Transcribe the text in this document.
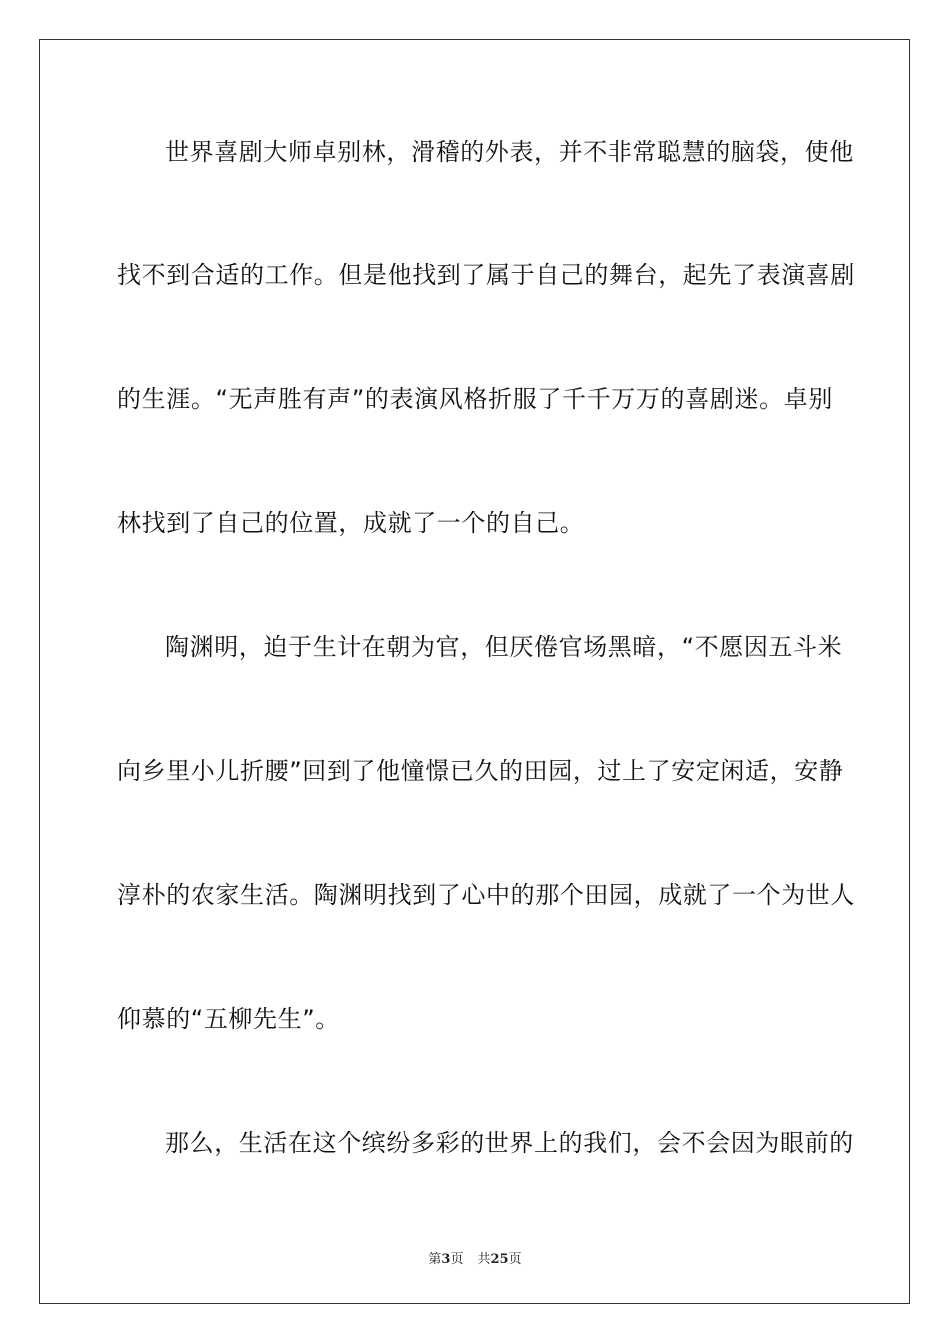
世界喜剧大师卓别林，滑稽的外表，并不非常聪慧的脑袋，使他
找不到合适的工作。但是他找到了属于自己的舞台，起先了表演喜剧
的生涯。“无声胜有声”的表演风格折服了千千万万的喜剧迷。卓别
林找到了自己的位置，成就了一个的自己。
陶渊明，迫于生计在朝为官，但厌倦官场黑暗，“不愿因五斗米
向乡里小儿折腰”回到了他憧憬已久的田园，过上了安定闲适，安静
淳朴的农家生活。陶渊明找到了心中的那个田园，成就了一个为世人
仰慕的“五柳先生”。
那么，生活在这个缤纷多彩的世界上的我们，会不会因为眼前的
第3页 共25页
